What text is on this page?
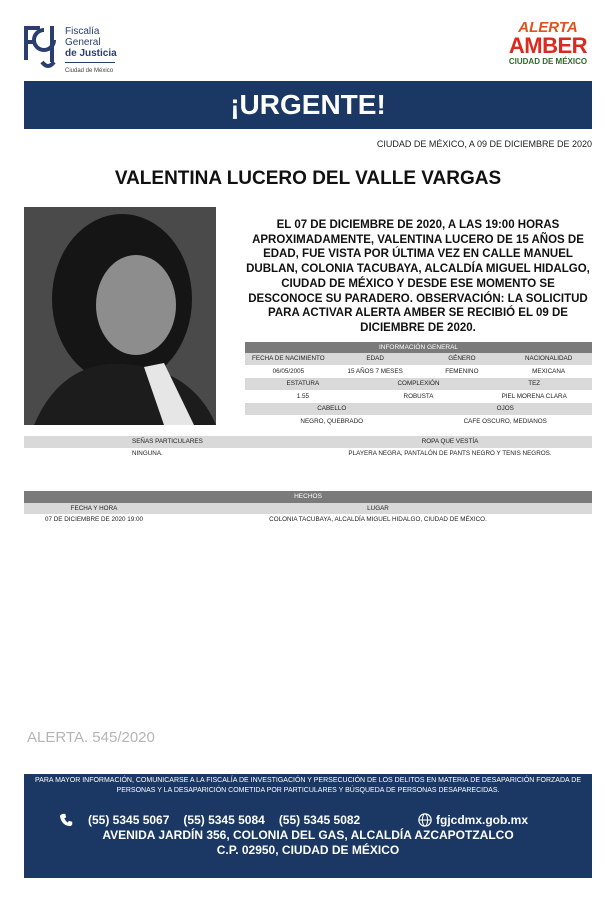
Fiscalía
General
de Justicia
Ciudad de México
ALERTA
AMBER
CIUDAD DE MÉXICO
¡URGENTE!
CIUDAD DE MÉXICO, A 09 DE DICIEMBRE DE 2020
VALENTINA LUCERO DEL VALLE VARGAS
EL 07 DE DICIEMBRE DE 2020, A LAS 19:00 HORAS APROXIMADAMENTE, VALENTINA LUCERO DE 15 AÑOS DE EDAD, FUE VISTA POR ÚLTIMA VEZ EN CALLE MANUEL DUBLAN, COLONIA TACUBAYA, ALCALDÍA MIGUEL HIDALGO, CIUDAD DE MÉXICO Y DESDE ESE MOMENTO SE DESCONOCE SU PARADERO. OBSERVACIÓN: LA SOLICITUD PARA ACTIVAR ALERTA AMBER SE RECIBIÓ EL 09 DE DICIEMBRE DE 2020.
INFORMACIÓN GENERAL
FECHA DE NACIMIENTO	EDAD	GÉNERO	NACIONALIDAD
06/05/2005	15 AÑOS 7 MESES	FEMENINO	MEXICANA
ESTATURA	COMPLEXIÓN	TEZ
1.55	ROBUSTA	PIEL MORENA CLARA
CABELLO	OJOS
NEGRO, QUEBRADO	CAFE OSCURO, MEDIANOS
SEÑAS PARTICULARES	ROPA QUE VESTÍA
NINGUNA.	PLAYERA NEGRA, PANTALÓN DE PANTS NEGRO Y TENIS NEGROS.
HECHOS
FECHA Y HORA	LUGAR
07 DE DICIEMBRE DE 2020 19:00	COLONIA TACUBAYA, ALCALDÍA MIGUEL HIDALGO, CIUDAD DE MÉXICO.
ALERTA. 545/2020
PARA MAYOR INFORMACIÓN, COMUNICARSE A LA FISCALÍA DE INVESTIGACIÓN Y PERSECUCIÓN DE LOS DELITOS EN MATERIA DE DESAPARICIÓN FORZADA DE PERSONAS Y LA DESAPARICIÓN COMETIDA POR PARTICULARES Y BÚSQUEDA DE PERSONAS DESAPARECIDAS.
(55) 5345 5067 (55) 5345 5084 (55) 5345 5082	fgjcdmx.gob.mx
AVENIDA JARDÍN 356, COLONIA DEL GAS, ALCALDÍA AZCAPOTZALCO
C.P. 02950, CIUDAD DE MÉXICO
